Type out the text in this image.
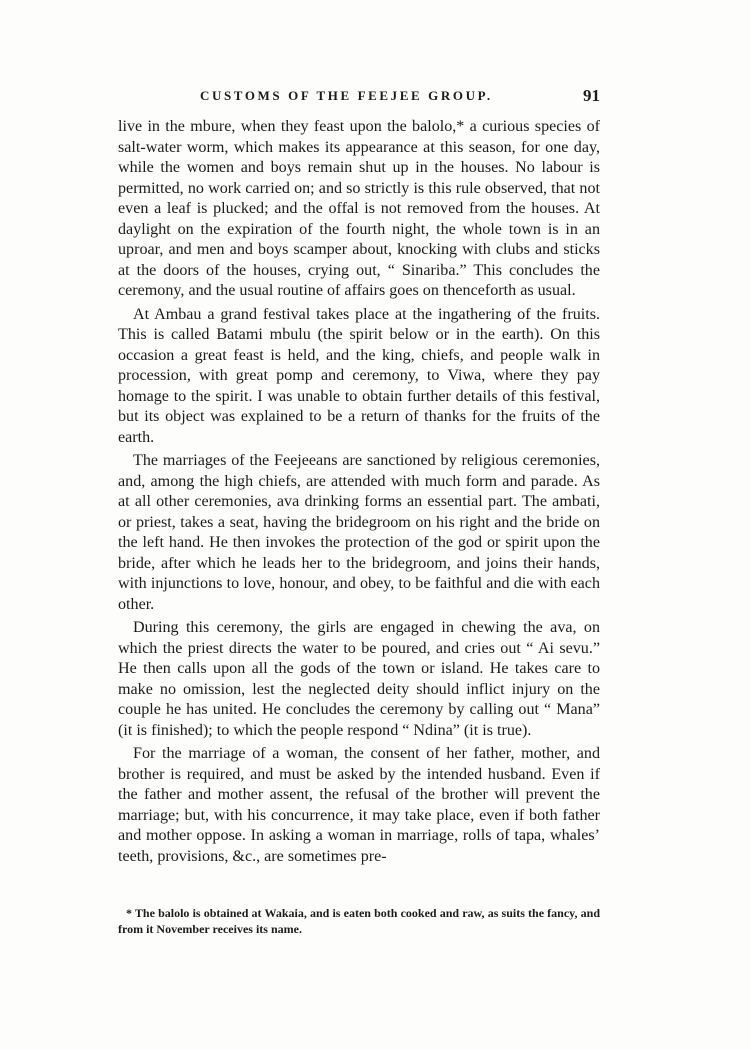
CUSTOMS OF THE FEEJEE GROUP.	91

live in the mbure, when they feast upon the balolo,* a curious species of salt-water worm, which makes its appearance at this season, for one day, while the women and boys remain shut up in the houses. No labour is permitted, no work carried on; and so strictly is this rule observed, that not even a leaf is plucked; and the offal is not removed from the houses. At daylight on the expiration of the fourth night, the whole town is in an uproar, and men and boys scamper about, knocking with clubs and sticks at the doors of the houses, crying out, “ Sinariba.” This concludes the ceremony, and the usual routine of affairs goes on thenceforth as usual.

At Ambau a grand festival takes place at the ingathering of the fruits. This is called Batami mbulu (the spirit below or in the earth). On this occasion a great feast is held, and the king, chiefs, and people walk in procession, with great pomp and ceremony, to Viwa, where they pay homage to the spirit. I was unable to obtain further details of this festival, but its object was explained to be a return of thanks for the fruits of the earth.

The marriages of the Feejeeans are sanctioned by religious ceremonies, and, among the high chiefs, are attended with much form and parade. As at all other ceremonies, ava drinking forms an essential part. The ambati, or priest, takes a seat, having the bridegroom on his right and the bride on the left hand. He then invokes the protection of the god or spirit upon the bride, after which he leads her to the bridegroom, and joins their hands, with injunctions to love, honour, and obey, to be faithful and die with each other.

During this ceremony, the girls are engaged in chewing the ava, on which the priest directs the water to be poured, and cries out “ Ai sevu.” He then calls upon all the gods of the town or island. He takes care to make no omission, lest the neglected deity should inflict injury on the couple he has united. He concludes the ceremony by calling out “ Mana” (it is finished); to which the people respond “ Ndina” (it is true).

For the marriage of a woman, the consent of her father, mother, and brother is required, and must be asked by the intended husband. Even if the father and mother assent, the refusal of the brother will prevent the marriage; but, with his concurrence, it may take place, even if both father and mother oppose. In asking a woman in marriage, rolls of tapa, whales’ teeth, provisions, &c., are sometimes pre-

* The balolo is obtained at Wakaia, and is eaten both cooked and raw, as suits the fancy, and from it November receives its name.
